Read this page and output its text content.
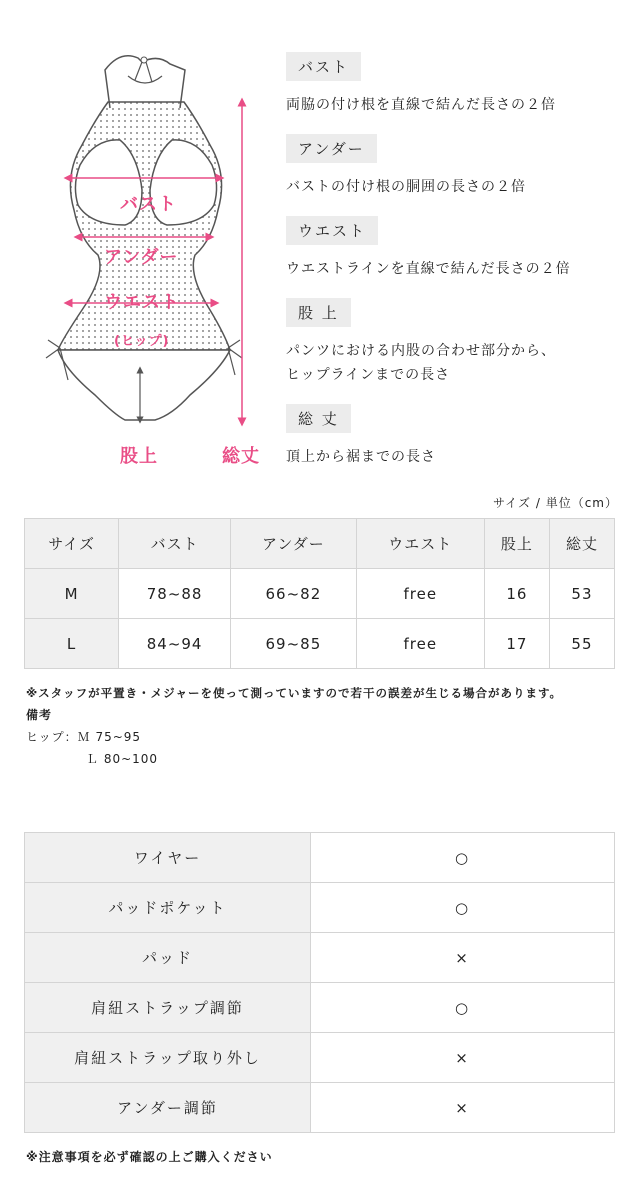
バスト
アンダー
ウエスト
(ヒップ)
股上	総丈
バスト
両脇の付け根を直線で結んだ長さの２倍
アンダー
バストの付け根の胴囲の長さの２倍
ウエスト
ウエストラインを直線で結んだ長さの２倍
股 上
パンツにおける内股の合わせ部分から、
ヒップラインまでの長さ
総 丈
頂上から裾までの長さ
サイズ / 単位（cm）
サイズ	バスト	アンダー	ウエスト	股上	総丈
M	78~88	66~82	free	16	53
L	84~94	69~85	free	17	55
※スタッフが平置き・メジャーを使って測っていますので若干の誤差が生じる場合があります。
備考
ヒップ：Ｍ 75~95
Ｌ 80~100
ワイヤー	○
パッドポケット	○
パッド	×
肩紐ストラップ調節	○
肩紐ストラップ取り外し	×
アンダー調節	×
※注意事項を必ず確認の上ご購入ください
